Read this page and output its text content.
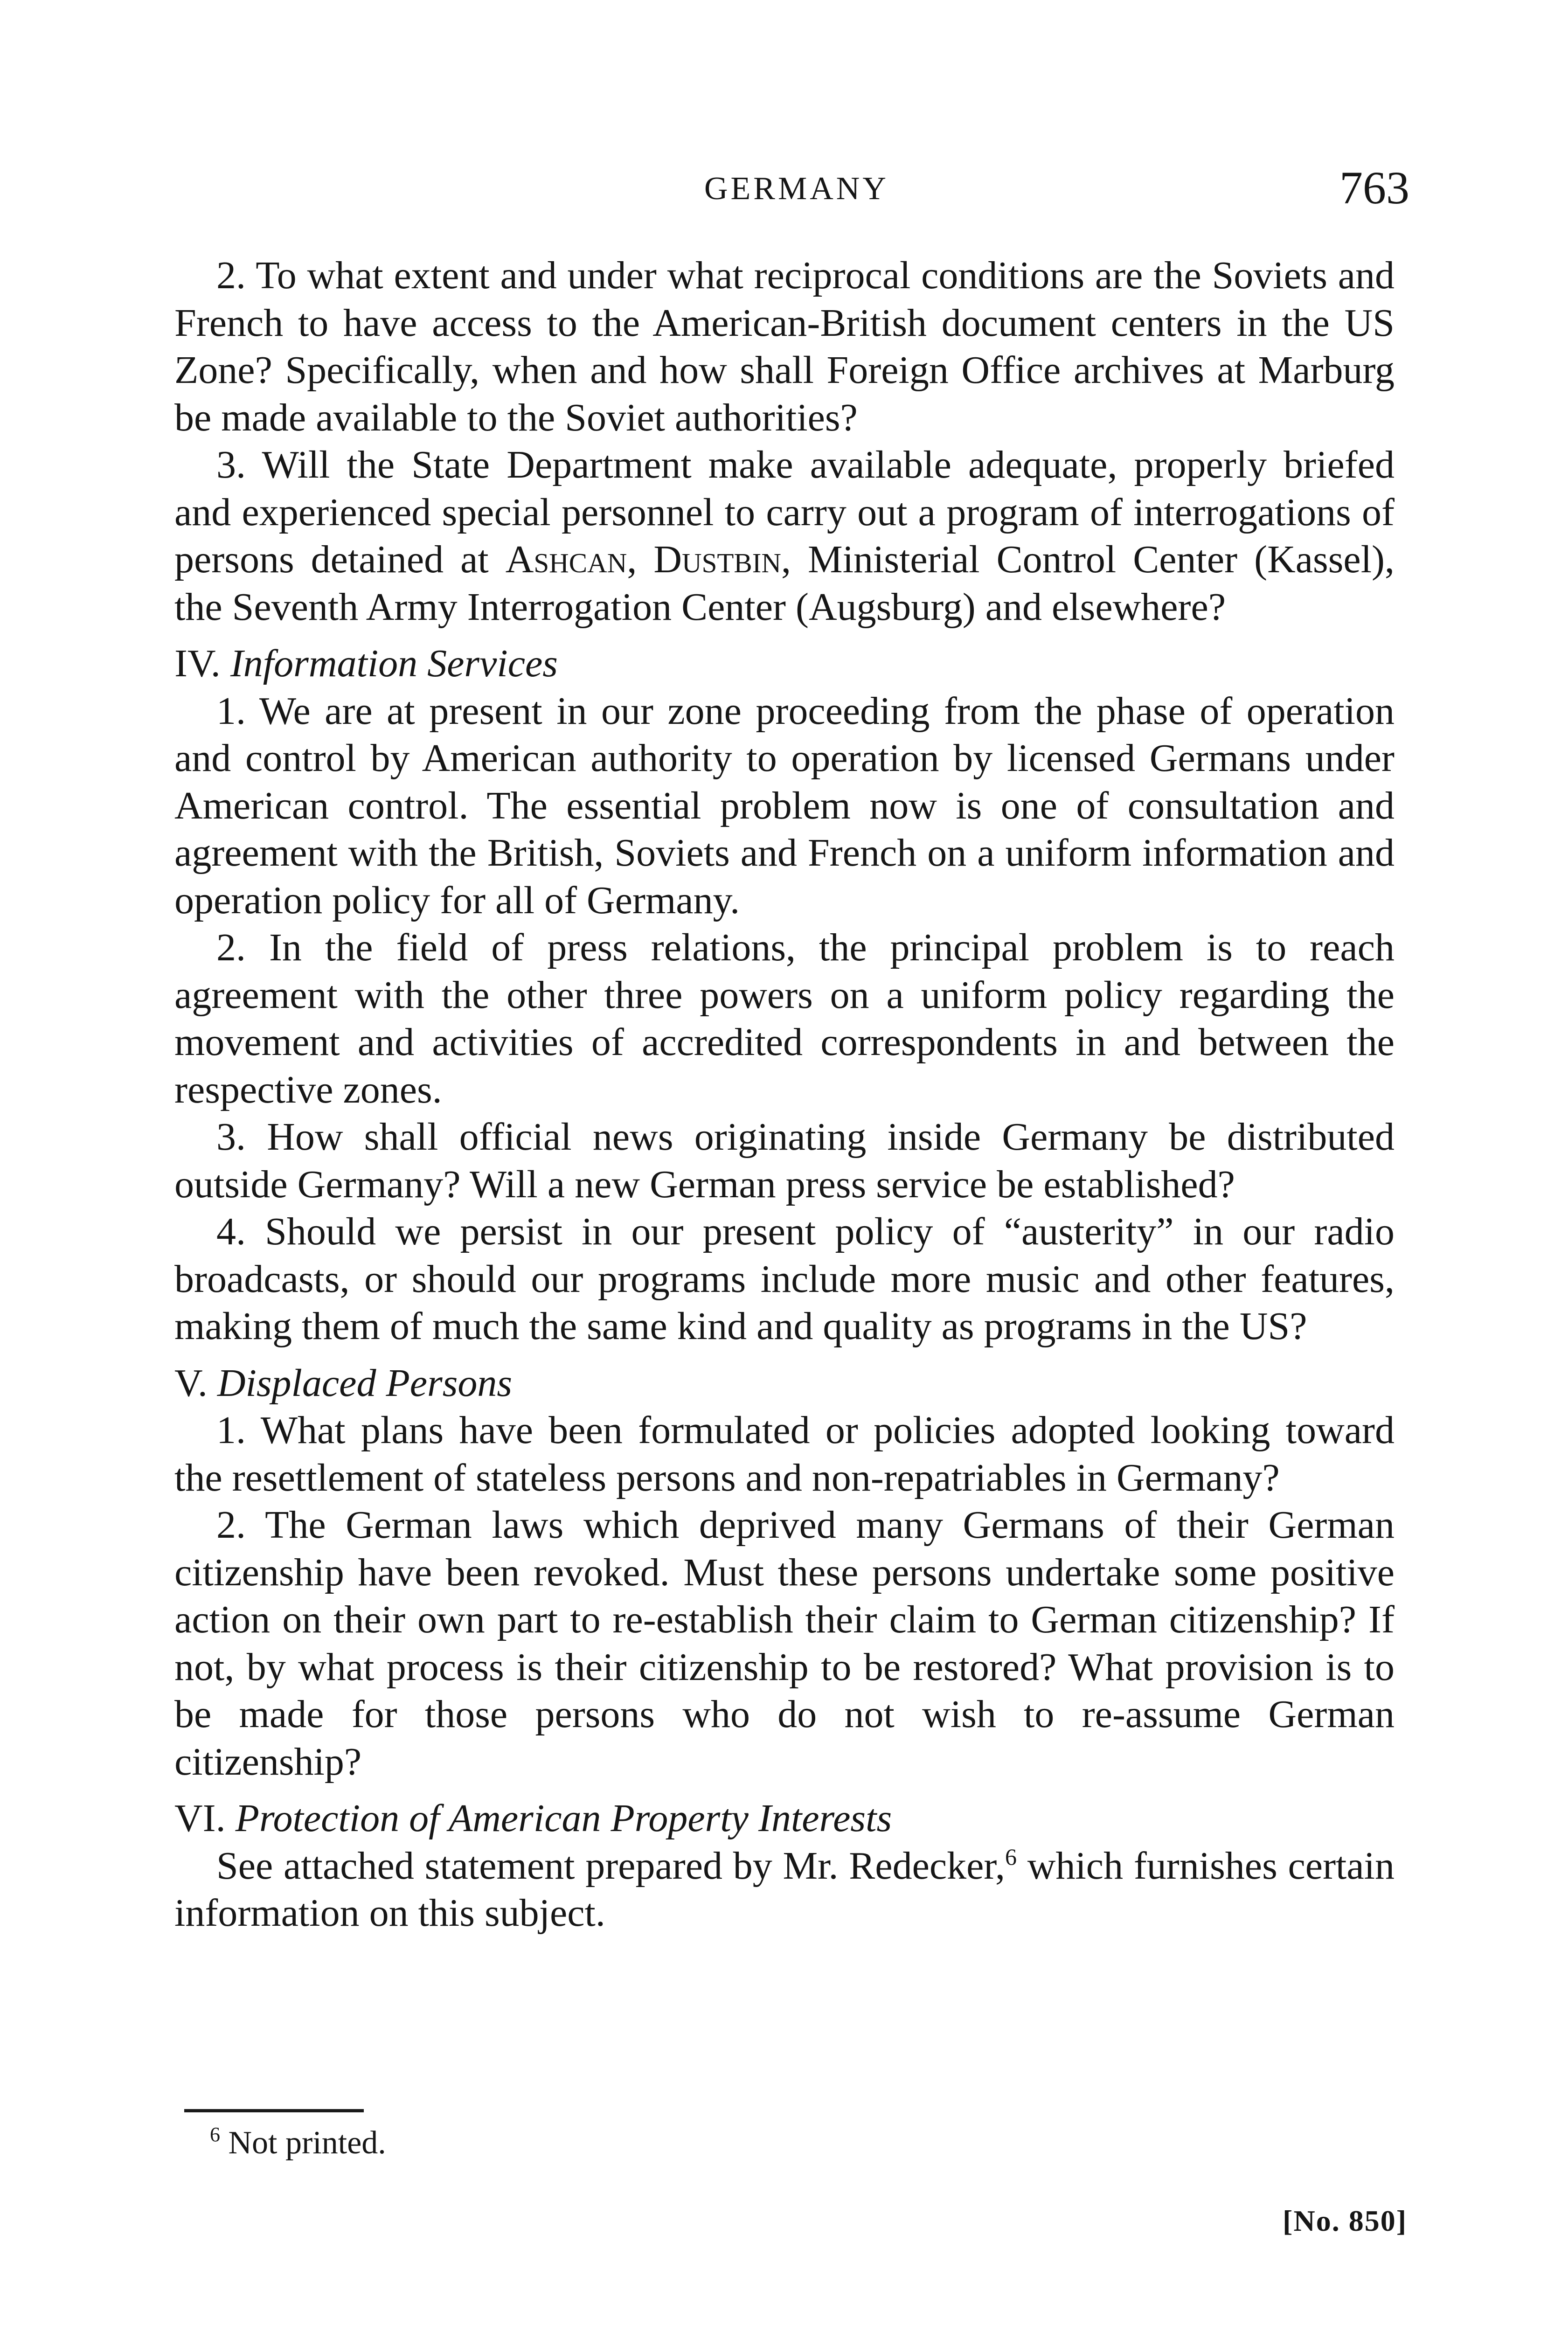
GERMANY	763

2. To what extent and under what reciprocal conditions are the Soviets and French to have access to the American-British document centers in the US Zone? Specifically, when and how shall Foreign Office archives at Marburg be made available to the Soviet authorities?

3. Will the State Department make available adequate, properly briefed and experienced special personnel to carry out a program of interrogations of persons detained at Ashcan, Dustbin, Ministerial Control Center (Kassel), the Seventh Army Interrogation Center (Augsburg) and elsewhere?

IV. Information Services

1. We are at present in our zone proceeding from the phase of operation and control by American authority to operation by licensed Germans under American control. The essential problem now is one of consultation and agreement with the British, Soviets and French on a uniform information and operation policy for all of Germany.

2. In the field of press relations, the principal problem is to reach agreement with the other three powers on a uniform policy regarding the movement and activities of accredited correspondents in and between the respective zones.

3. How shall official news originating inside Germany be distributed outside Germany? Will a new German press service be established?

4. Should we persist in our present policy of “austerity” in our radio broadcasts, or should our programs include more music and other features, making them of much the same kind and quality as programs in the US?

V. Displaced Persons

1. What plans have been formulated or policies adopted looking toward the resettlement of stateless persons and non-repatriables in Germany?

2. The German laws which deprived many Germans of their German citizenship have been revoked. Must these persons undertake some positive action on their own part to re-establish their claim to German citizenship? If not, by what process is their citizenship to be restored? What provision is to be made for those persons who do not wish to re-assume German citizenship?

VI. Protection of American Property Interests

See attached statement prepared by Mr. Redecker,$^6$ which furnishes certain information on this subject.

$^6$ Not printed.
[No. 850]
